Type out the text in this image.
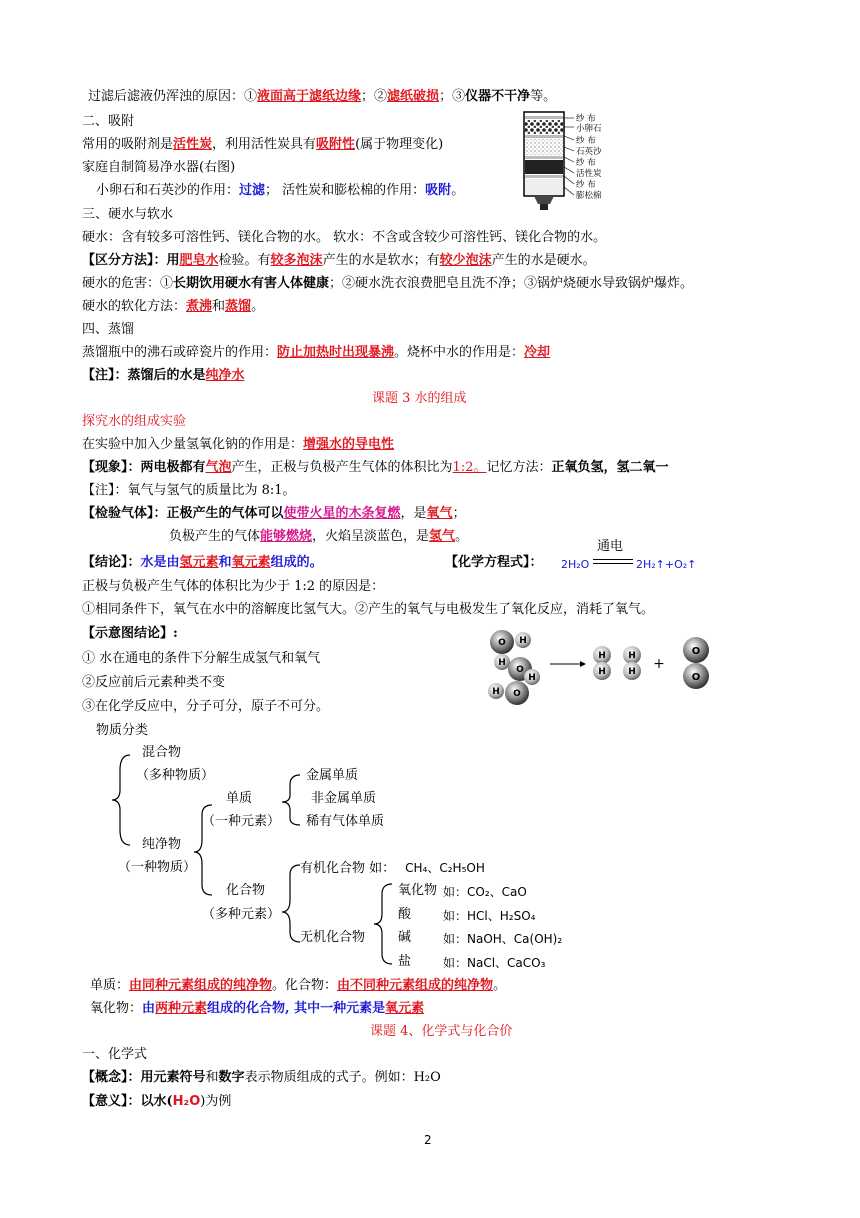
过滤后滤液仍浑浊的原因：①液面高于滤纸边缘；②滤纸破损；③仪器不干净等。
二、吸附
常用的吸附剂是活性炭，利用活性炭具有吸附性(属于物理变化)
家庭自制简易净水器(右图)
小卵石和石英沙的作用：过滤； 活性炭和膨松棉的作用：吸附。
纱 布
小卵石
纱 布
石英沙
纱 布
活性炭
纱 布
膨松棉
三、硬水与软水
硬水：含有较多可溶性钙、镁化合物的水。 软水：不含或含较少可溶性钙、镁化合物的水。
【区分方法】：用肥皂水检验。有较多泡沫产生的水是软水；有较少泡沫产生的水是硬水。
硬水的危害：①长期饮用硬水有害人体健康；②硬水洗衣浪费肥皂且洗不净；③锅炉烧硬水导致锅炉爆炸。
硬水的软化方法：煮沸和蒸馏。
四、蒸馏
蒸馏瓶中的沸石或碎瓷片的作用：防止加热时出现暴沸。烧杯中水的作用是：冷却
【注】：蒸馏后的水是纯净水
课题 3 水的组成
探究水的组成实验
在实验中加入少量氢氧化钠的作用是：增强水的导电性
【现象】：两电极都有气泡产生，正极与负极产生气体的体积比为1:2。记忆方法：正氧负氢，氢二氧一
【注】：氧气与氢气的质量比为 8:1。
【检验气体】：正极产生的气体可以使带火星的木条复燃，是氧气；
负极产生的气体能够燃烧，火焰呈淡蓝色，是氢气。
【结论】：水是由氢元素和氧元素组成的。	【化学方程式】： 2H₂O
通电
2H₂↑+O₂↑
正极与负极产生气体的体积比为少于 1:2 的原因是：
①相同条件下，氧气在水中的溶解度比氢气大。②产生的氧气与电极发生了氧化反应，消耗了氧气。
【示意图结论】:
① 水在通电的条件下分解生成氢气和氧气
②反应前后元素种类不变
③在化学反应中，分子可分，原子不可分。
O H
H
O
H
H O
H
H
H
H +
O
O
物质分类
混合物
（多种物质）
纯净物
（一种物质）
单质
（一种元素）
金属单质
非金属单质
稀有气体单质
化合物
（多种元素）
有机化合物 如： CH₄、C₂H₅OH
无机化合物
氧化物 如：CO₂、CaO
酸	如：HCl、H₂SO₄
碱	如：NaOH、Ca(OH)₂
盐	如：NaCl、CaCO₃
单质：由同种元素组成的纯净物。化合物：由不同种元素组成的纯净物。
氧化物：由两种元素组成的化合物, 其中一种元素是氧元素
课题 4、化学式与化合价
一、化学式
【概念】：用元素符号和数字表示物质组成的式子。例如：H₂O
【意义】：以水(H₂O)为例
2
